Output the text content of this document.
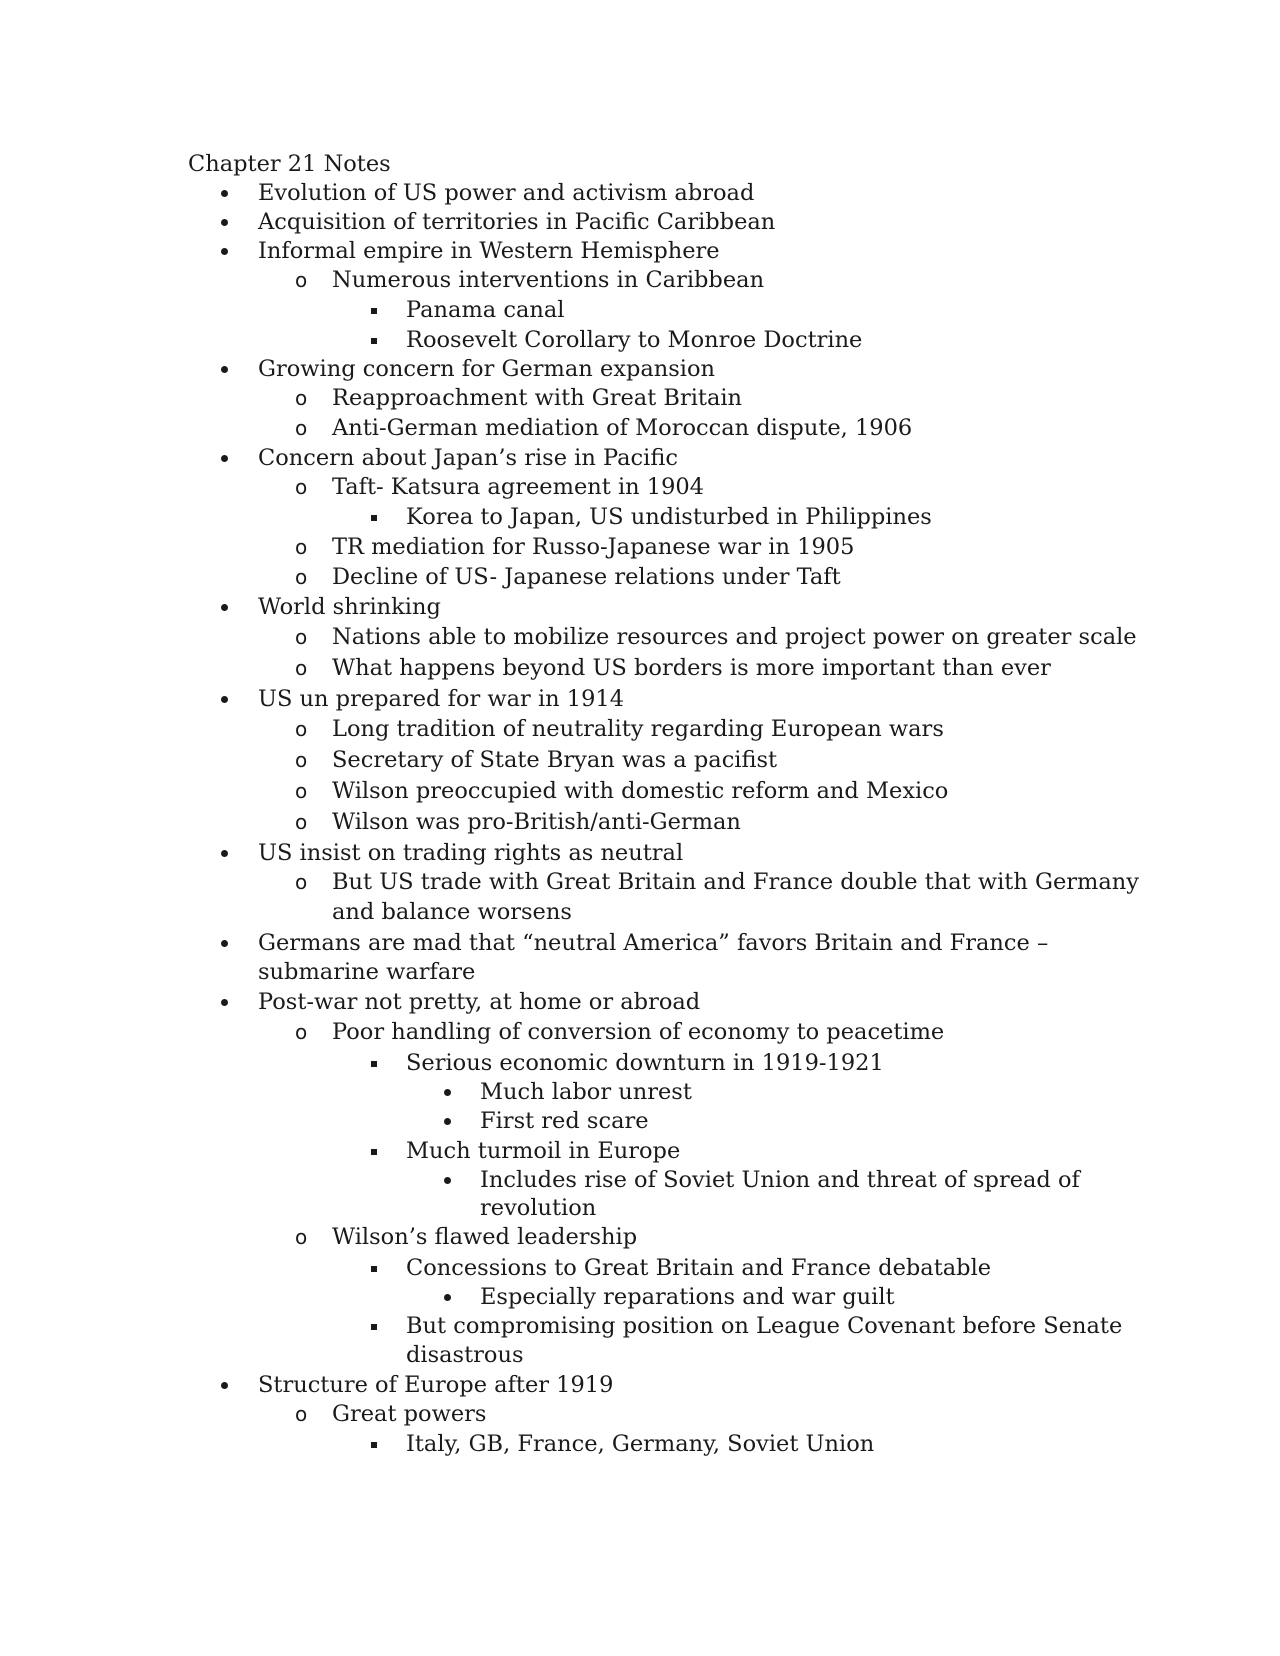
Chapter 21 Notes
Evolution of US power and activism abroad
Acquisition of territories in Pacific Caribbean
Informal empire in Western Hemisphere
Numerous interventions in Caribbean
o
Panama canal
Roosevelt Corollary to Monroe Doctrine
Growing concern for German expansion
Reapproachment with Great Britain
o
Anti-German mediation of Moroccan dispute, 1906
o
Concern about Japan’s rise in Pacific
Taft- Katsura agreement in 1904
o
Korea to Japan, US undisturbed in Philippines
TR mediation for Russo-Japanese war in 1905
o
Decline of US- Japanese relations under Taft
o
World shrinking
Nations able to mobilize resources and project power on greater scale
o
What happens beyond US borders is more important than ever
o
US un prepared for war in 1914
Long tradition of neutrality regarding European wars
o
Secretary of State Bryan was a pacifist
o
Wilson preoccupied with domestic reform and Mexico
o
Wilson was pro-British/anti-German
o
US insist on trading rights as neutral
But US trade with Great Britain and France double that with Germany
o
and balance worsens
Germans are mad that “neutral America” favors Britain and France –
submarine warfare
Post-war not pretty, at home or abroad
Poor handling of conversion of economy to peacetime
o
Serious economic downturn in 1919-1921
Much labor unrest
First red scare
Much turmoil in Europe
Includes rise of Soviet Union and threat of spread of
revolution
Wilson’s flawed leadership
o
Concessions to Great Britain and France debatable
Especially reparations and war guilt
But compromising position on League Covenant before Senate
disastrous
Structure of Europe after 1919
Great powers
o
Italy, GB, France, Germany, Soviet Union
